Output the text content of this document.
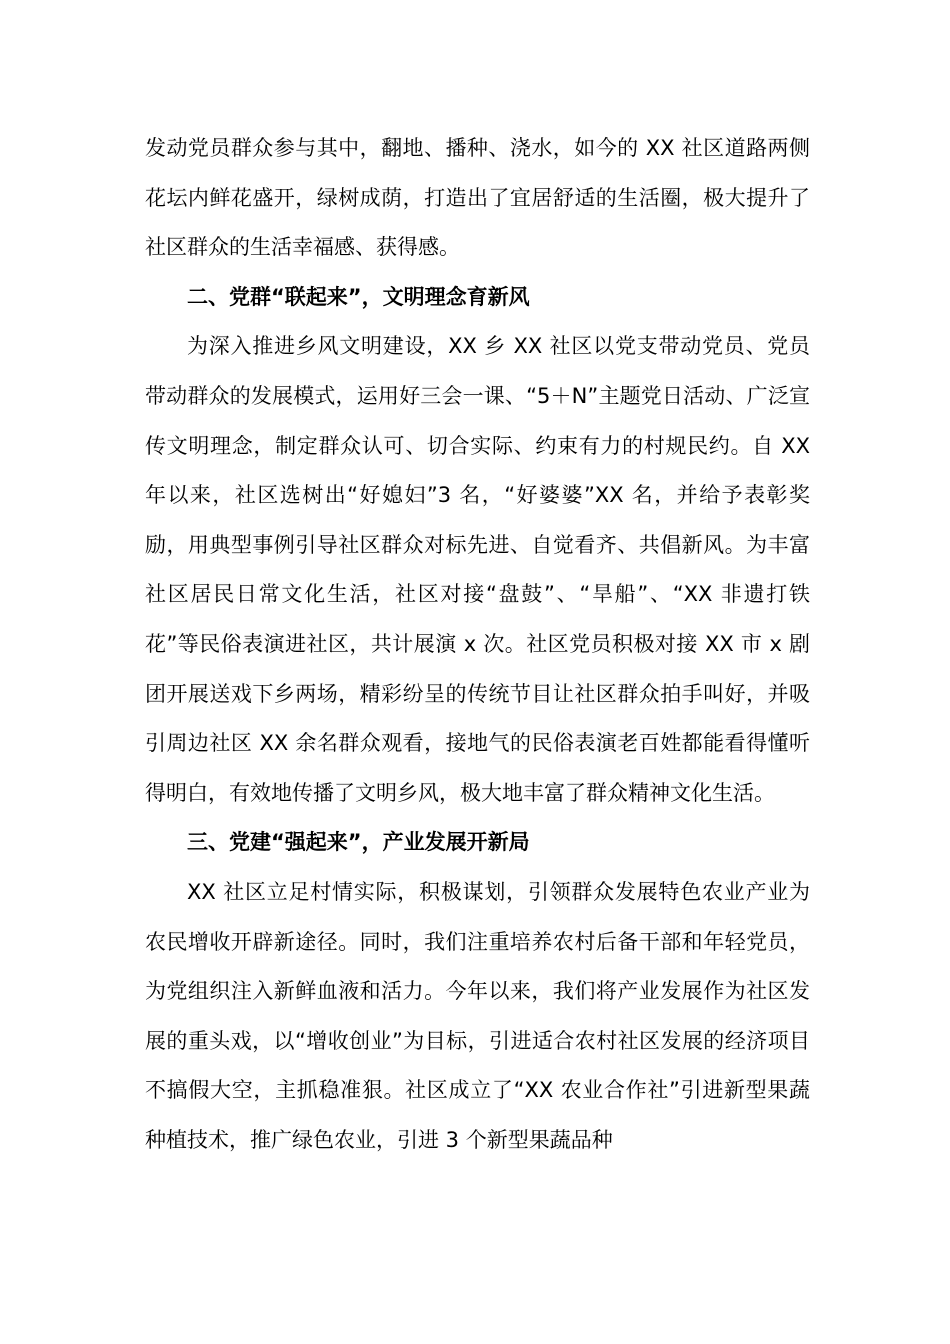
发动党员群众参与其中，翻地、播种、浇水，如今的 XX 社区道路两侧花坛内鲜花盛开，绿树成荫，打造出了宜居舒适的生活圈，极大提升了社区群众的生活幸福感、获得感。

二、党群“联起来”，文明理念育新风

为深入推进乡风文明建设，XX 乡 XX 社区以党支带动党员、党员带动群众的发展模式，运用好三会一课、“5＋N”主题党日活动、广泛宣传文明理念，制定群众认可、切合实际、约束有力的村规民约。自 XX 年以来，社区选树出“好媳妇”3 名，“好婆婆”XX 名，并给予表彰奖励，用典型事例引导社区群众对标先进、自觉看齐、共倡新风。为丰富社区居民日常文化生活，社区对接“盘鼓”、“旱船”、“XX 非遗打铁花”等民俗表演进社区，共计展演 x 次。社区党员积极对接 XX 市 x 剧团开展送戏下乡两场，精彩纷呈的传统节目让社区群众拍手叫好，并吸引周边社区 XX 余名群众观看，接地气的民俗表演老百姓都能看得懂听得明白，有效地传播了文明乡风，极大地丰富了群众精神文化生活。

三、党建“强起来”，产业发展开新局

XX 社区立足村情实际，积极谋划，引领群众发展特色农业产业为农民增收开辟新途径。同时，我们注重培养农村后备干部和年轻党员，为党组织注入新鲜血液和活力。今年以来，我们将产业发展作为社区发展的重头戏，以“增收创业”为目标，引进适合农村社区发展的经济项目不搞假大空，主抓稳准狠。社区成立了“XX 农业合作社”引进新型果蔬种植技术，推广绿色农业，引进 3 个新型果蔬品种
